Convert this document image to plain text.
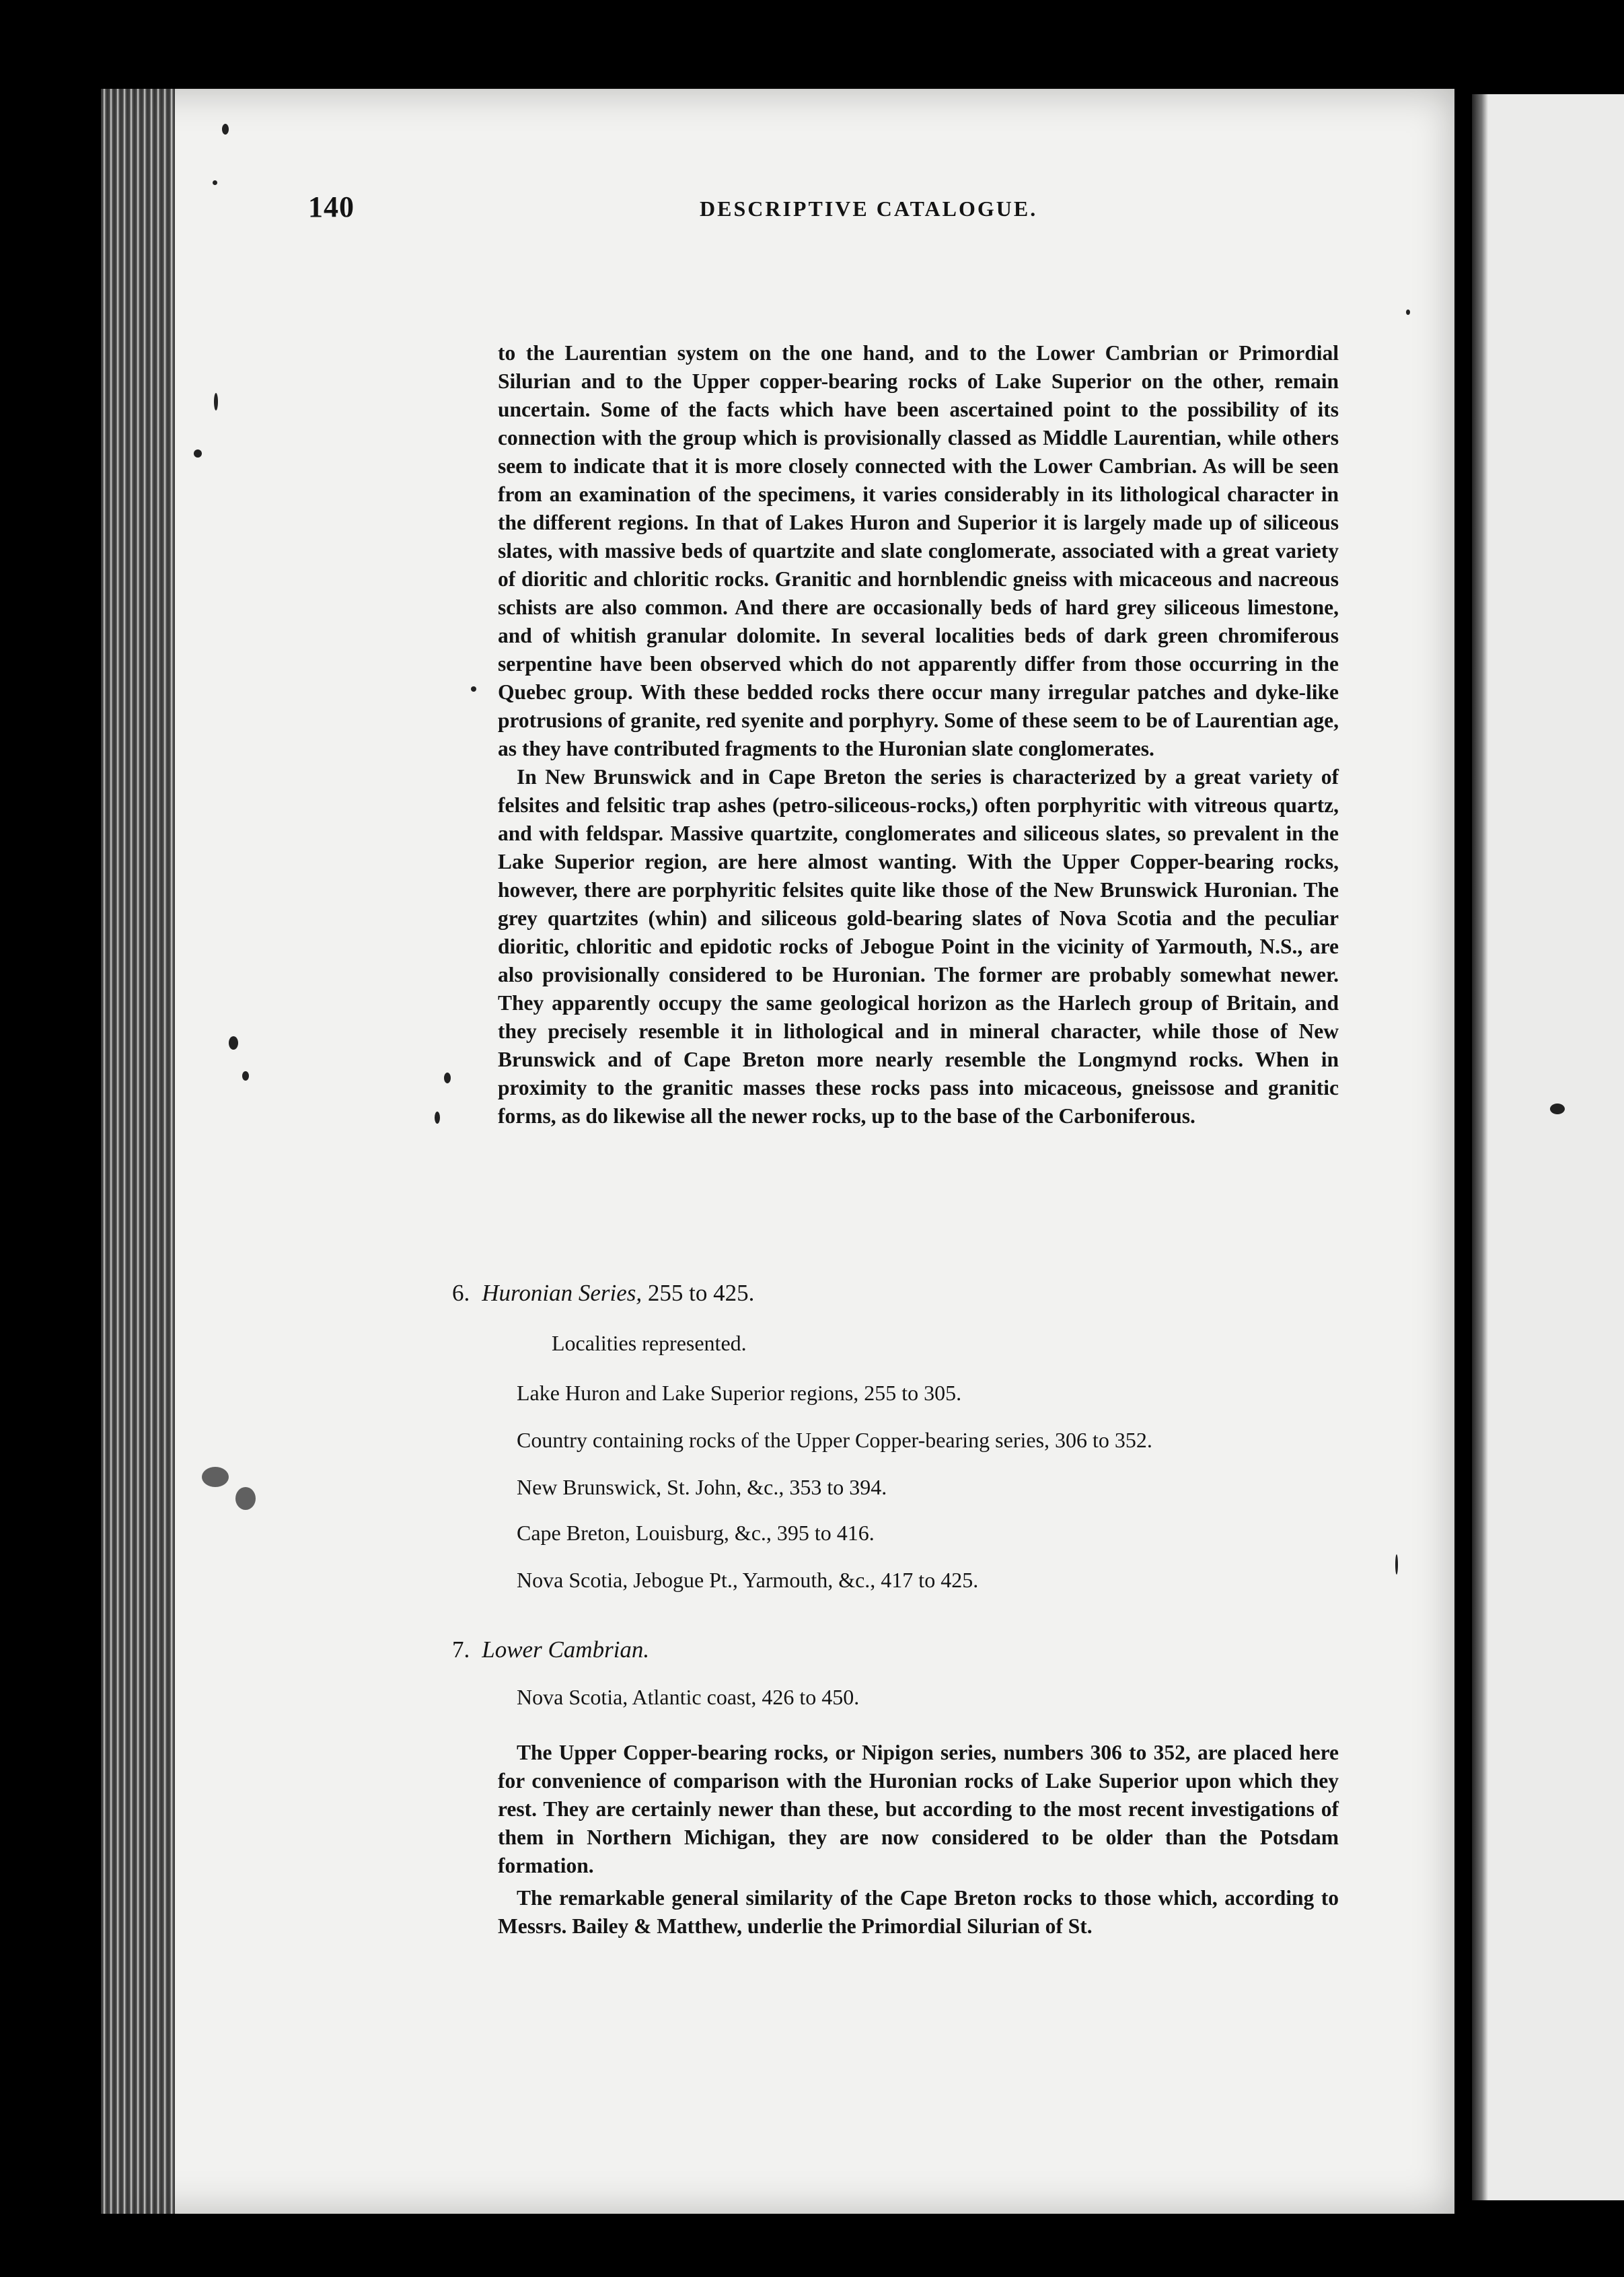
140	DESCRIPTIVE CATALOGUE.

to the Laurentian system on the one hand, and to the Lower Cambrian or Primordial Silurian and to the Upper copper-bearing rocks of Lake Superior on the other, remain uncertain. Some of the facts which have been ascertained point to the possibility of its connection with the group which is provisionally classed as Middle Laurentian, while others seem to indicate that it is more closely connected with the Lower Cambrian. As will be seen from an examination of the specimens, it varies considerably in its lithological character in the different regions. In that of Lakes Huron and Superior it is largely made up of siliceous slates, with massive beds of quartzite and slate conglomerate, associated with a great variety of dioritic and chloritic rocks. Granitic and hornblendic gneiss with micaceous and nacreous schists are also common. And there are occasionally beds of hard grey siliceous limestone, and of whitish granular dolomite. In several localities beds of dark green chromiferous serpentine have been observed which do not apparently differ from those occurring in the Quebec group. With these bedded rocks there occur many irregular patches and dyke-like protrusions of granite, red syenite and porphyry. Some of these seem to be of Laurentian age, as they have contributed fragments to the Huronian slate conglomerates.

In New Brunswick and in Cape Breton the series is characterized by a great variety of felsites and felsitic trap ashes (petro-siliceous-rocks,) often porphyritic with vitreous quartz, and with feldspar. Massive quartzite, conglomerates and siliceous slates, so prevalent in the Lake Superior region, are here almost wanting. With the Upper Copper-bearing rocks, however, there are porphyritic felsites quite like those of the New Brunswick Huronian. The grey quartzites (whin) and siliceous gold-bearing slates of Nova Scotia and the peculiar dioritic, chloritic and epidotic rocks of Jebogue Point in the vicinity of Yarmouth, N.S., are also provisionally considered to be Huronian. The former are probably somewhat newer. They apparently occupy the same geological horizon as the Harlech group of Britain, and they precisely resemble it in lithological and in mineral character, while those of New Brunswick and of Cape Breton more nearly resemble the Longmynd rocks. When in proximity to the granitic masses these rocks pass into micaceous, gneissose and granitic forms, as do likewise all the newer rocks, up to the base of the Carboniferous.

6. Huronian Series, 255 to 425.
Localities represented.
Lake Huron and Lake Superior regions, 255 to 305.
Country containing rocks of the Upper Copper-bearing series, 306 to 352.
New Brunswick, St. John, &c., 353 to 394.
Cape Breton, Louisburg, &c., 395 to 416.
Nova Scotia, Jebogue Pt., Yarmouth, &c., 417 to 425.
7. Lower Cambrian.
Nova Scotia, Atlantic coast, 426 to 450.

The Upper Copper-bearing rocks, or Nipigon series, numbers 306 to 352, are placed here for convenience of comparison with the Huronian rocks of Lake Superior upon which they rest. They are certainly newer than these, but according to the most recent investigations of them in Northern Michigan, they are now considered to be older than the Potsdam formation.

The remarkable general similarity of the Cape Breton rocks to those which, according to Messrs. Bailey & Matthew, underlie the Primordial Silurian of St.
